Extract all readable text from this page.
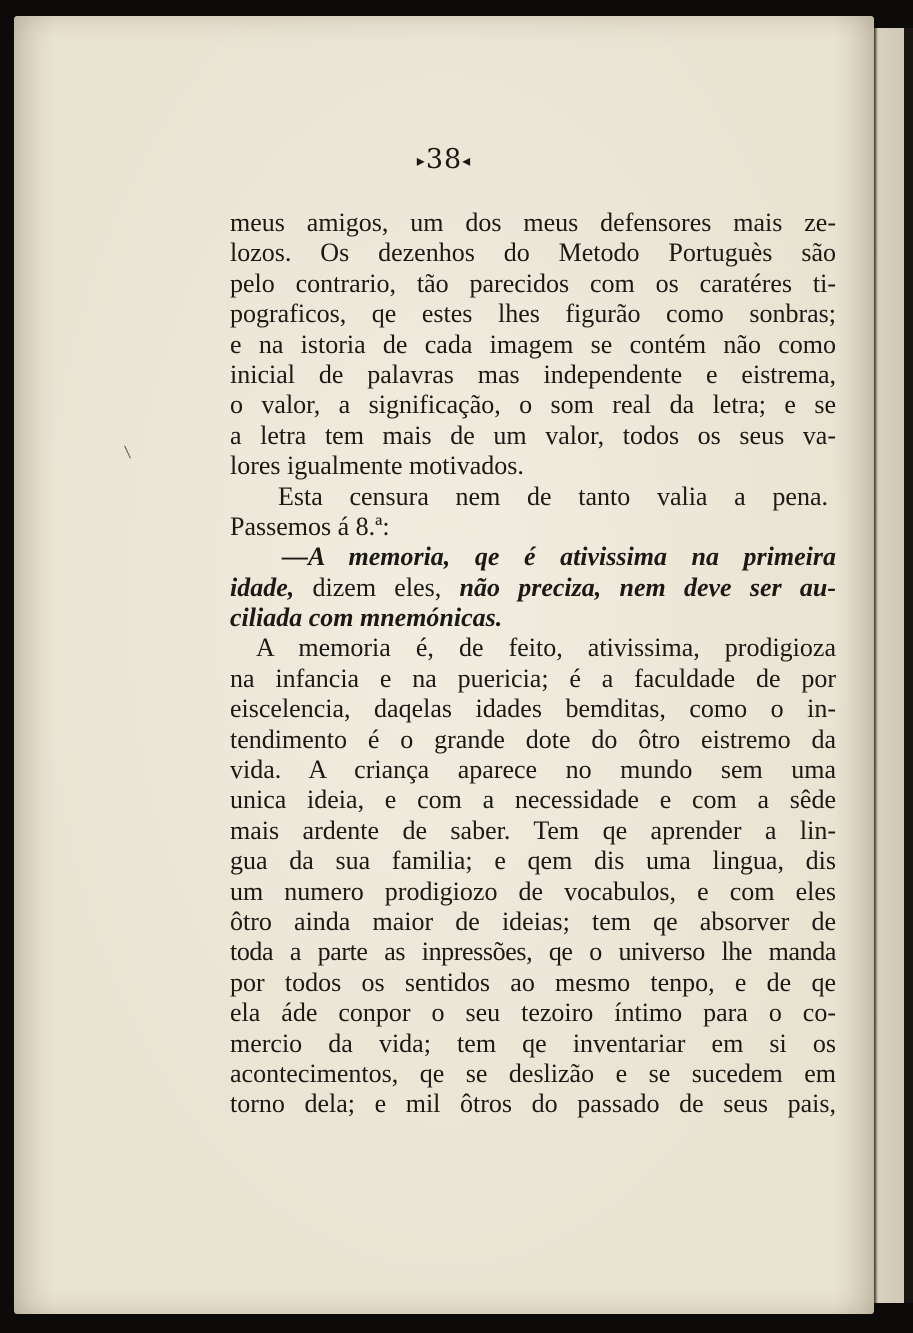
▸38◂
meus amigos, um dos meus defensores mais ze-
lozos. Os dezenhos do Metodo Portuguès são
pelo contrario, tão parecidos com os caratéres ti-
pograficos, qe estes lhes figurão como sonbras;
e na istoria de cada imagem se contém não como
inicial de palavras mas independente e eistrema,
o valor, a significação, o som real da letra; e se
a letra tem mais de um valor, todos os seus va-
lores igualmente motivados.
Esta censura nem de tanto valia a pena.
Passemos á 8.ª:
—A memoria, qe é ativissima na primeira
idade, dizem eles, não preciza, nem deve ser au-
ciliada com mnemónicas.
A memoria é, de feito, ativissima, prodigioza
na infancia e na puericia; é a faculdade de por
eiscelencia, daqelas idades bemditas, como o in-
tendimento é o grande dote do ôtro eistremo da
vida. A criança aparece no mundo sem uma
unica ideia, e com a necessidade e com a sêde
mais ardente de saber. Tem qe aprender a lin-
gua da sua familia; e qem dis uma lingua, dis
um numero prodigiozo de vocabulos, e com eles
ôtro ainda maior de ideias; tem qe absorver de
toda a parte as inpressões, qe o universo lhe manda
por todos os sentidos ao mesmo tenpo, e de qe
ela áde conpor o seu tezoiro íntimo para o co-
mercio da vida; tem qe inventariar em si os
acontecimentos, qe se deslizão e se sucedem em
torno dela; e mil ôtros do passado de seus pais,
